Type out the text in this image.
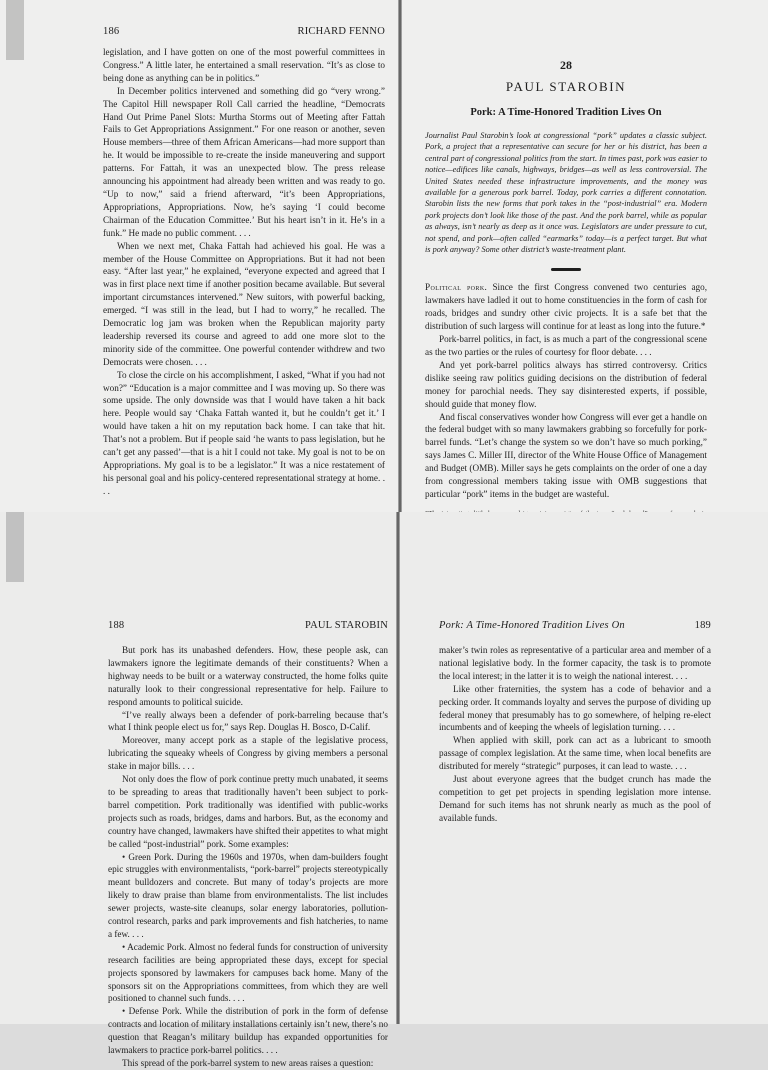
186	RICHARD FENNO

legislation, and I have gotten on one of the most powerful committees in Congress.” A little later, he entertained a small reservation. “It’s as close to being done as anything can be in politics.”

In December politics intervened and something did go “very wrong.” The Capitol Hill newspaper Roll Call carried the headline, “Democrats Hand Out Prime Panel Slots: Murtha Storms out of Meeting after Fattah Fails to Get Appropriations Assignment.” For one reason or another, seven House members—three of them African Americans—had more support than he. It would be impossible to re-create the inside maneuvering and support patterns. For Fattah, it was an unexpected blow. The press release announcing his appointment had already been written and was ready to go. “Up to now,” said a friend afterward, “it’s been Appropriations, Appropriations, Appropriations. Now, he’s saying ‘I could become Chairman of the Education Committee.’ But his heart isn’t in it. He’s in a funk.” He made no public comment. . . .

When we next met, Chaka Fattah had achieved his goal. He was a member of the House Committee on Appropriations. But it had not been easy. “After last year,” he explained, “everyone expected and agreed that I was in first place next time if another position became available. But several important circumstances intervened.” New suitors, with powerful backing, emerged. “I was still in the lead, but I had to worry,” he recalled. The Democratic log jam was broken when the Republican majority party leadership reversed its course and agreed to add one more slot to the minority side of the committee. One powerful contender withdrew and two Democrats were chosen. . . .

To close the circle on his accomplishment, I asked, “What if you had not won?” “Education is a major committee and I was moving up. So there was some upside. The only downside was that I would have taken a hit back here. People would say ‘Chaka Fattah wanted it, but he couldn’t get it.’ I would have taken a hit on my reputation back home. I can take that hit. That’s not a problem. But if people said ‘he wants to pass legislation, but he can’t get any passed’—that is a hit I could not take. My goal is not to be on Appropriations. My goal is to be a legislator.” It was a nice restatement of his personal goal and his policy-centered representational strategy at home. . . .

28
PAUL STAROBIN
Pork: A Time-Honored Tradition Lives On
Journalist Paul Starobin’s look at congressional “pork” updates a classic subject. Pork, a project that a representative can secure for her or his district, has been a central part of congressional politics from the start. In times past, pork was easier to notice—edifices like canals, highways, bridges—as well as less controversial. The United States needed these infrastructure improvements, and the money was available for a generous pork barrel. Today, pork carries a different connotation. Starobin lists the new forms that pork takes in the “post-industrial” era. Modern pork projects don’t look like those of the past. And the pork barrel, while as popular as always, isn’t nearly as deep as it once was. Legislators are under pressure to cut, not spend, and pork—often called “earmarks” today—is a perfect target. But what is pork anyway? Some other district’s waste-treatment plant.

Political pork. Since the first Congress convened two centuries ago, lawmakers have ladled it out to home constituencies in the form of cash for roads, bridges and sundry other civic projects. It is a safe bet that the distribution of such largess will continue for at least as long into the future.*

Pork-barrel politics, in fact, is as much a part of the congressional scene as the two parties or the rules of courtesy for floor debate. . . .

And yet pork-barrel politics always has stirred controversy. Critics dislike seeing raw politics guiding decisions on the distribution of federal money for parochial needs. They say disinterested experts, if possible, should guide that money flow.

And fiscal conservatives wonder how Congress will ever get a handle on the federal budget with so many lawmakers grabbing so forcefully for pork-barrel funds. “Let’s change the system so we don’t have so much porking,” says James C. Miller III, director of the White House Office of Management and Budget (OMB). Miller says he gets complaints on the order of one a day from congressional members taking issue with OMB suggestions that particular “pork” items in the budget are wasteful.

188	PAUL STAROBIN

But pork has its unabashed defenders. How, these people ask, can lawmakers ignore the legitimate demands of their constituents? When a highway needs to be built or a waterway constructed, the home folks quite naturally look to their congressional representative for help. Failure to respond amounts to political suicide.

“I’ve really always been a defender of pork-barreling because that’s what I think people elect us for,” says Rep. Douglas H. Bosco, D-Calif.

Moreover, many accept pork as a staple of the legislative process, lubricating the squeaky wheels of Congress by giving members a personal stake in major bills. . . .

Not only does the flow of pork continue pretty much unabated, it seems to be spreading to areas that traditionally haven’t been subject to pork-barrel competition. Pork traditionally was identified with public-works projects such as roads, bridges, dams and harbors. But, as the economy and country have changed, lawmakers have shifted their appetites to what might be called “post-industrial” pork. Some examples:

• Green Pork. During the 1960s and 1970s, when dam-builders fought epic struggles with environmentalists, “pork-barrel” projects stereotypically meant bulldozers and concrete. But many of today’s projects are more likely to draw praise than blame from environmentalists. The list includes sewer projects, waste-site cleanups, solar energy laboratories, pollution-control research, parks and park improvements and fish hatcheries, to name a few. . . .

• Academic Pork. Almost no federal funds for construction of university research facilities are being appropriated these days, except for special projects sponsored by lawmakers for campuses back home. Many of the sponsors sit on the Appropriations committees, from which they are well positioned to channel such funds. . . .

• Defense Pork. While the distribution of pork in the form of defense contracts and location of military installations certainly isn’t new, there’s no question that Reagan’s military buildup has expanded opportunities for lawmakers to practice pork-barrel politics. . . .

This spread of the pork-barrel system to new areas raises a question:

Pork: A Time-Honored Tradition Lives On	189

maker’s twin roles as representative of a particular area and member of a national legislative body. In the former capacity, the task is to promote the local interest; in the latter it is to weigh the national interest. . . .

Like other fraternities, the system has a code of behavior and a pecking order. It commands loyalty and serves the purpose of dividing up federal money that presumably has to go somewhere, of helping re-elect incumbents and of keeping the wheels of legislation turning. . . .

When applied with skill, pork can act as a lubricant to smooth passage of complex legislation. At the same time, when local benefits are distributed for merely “strategic” purposes, it can lead to waste. . . .

Just about everyone agrees that the budget crunch has made the competition to get pet projects in spending legislation more intense. Demand for such items has not shrunk nearly as much as the pool of available funds.
